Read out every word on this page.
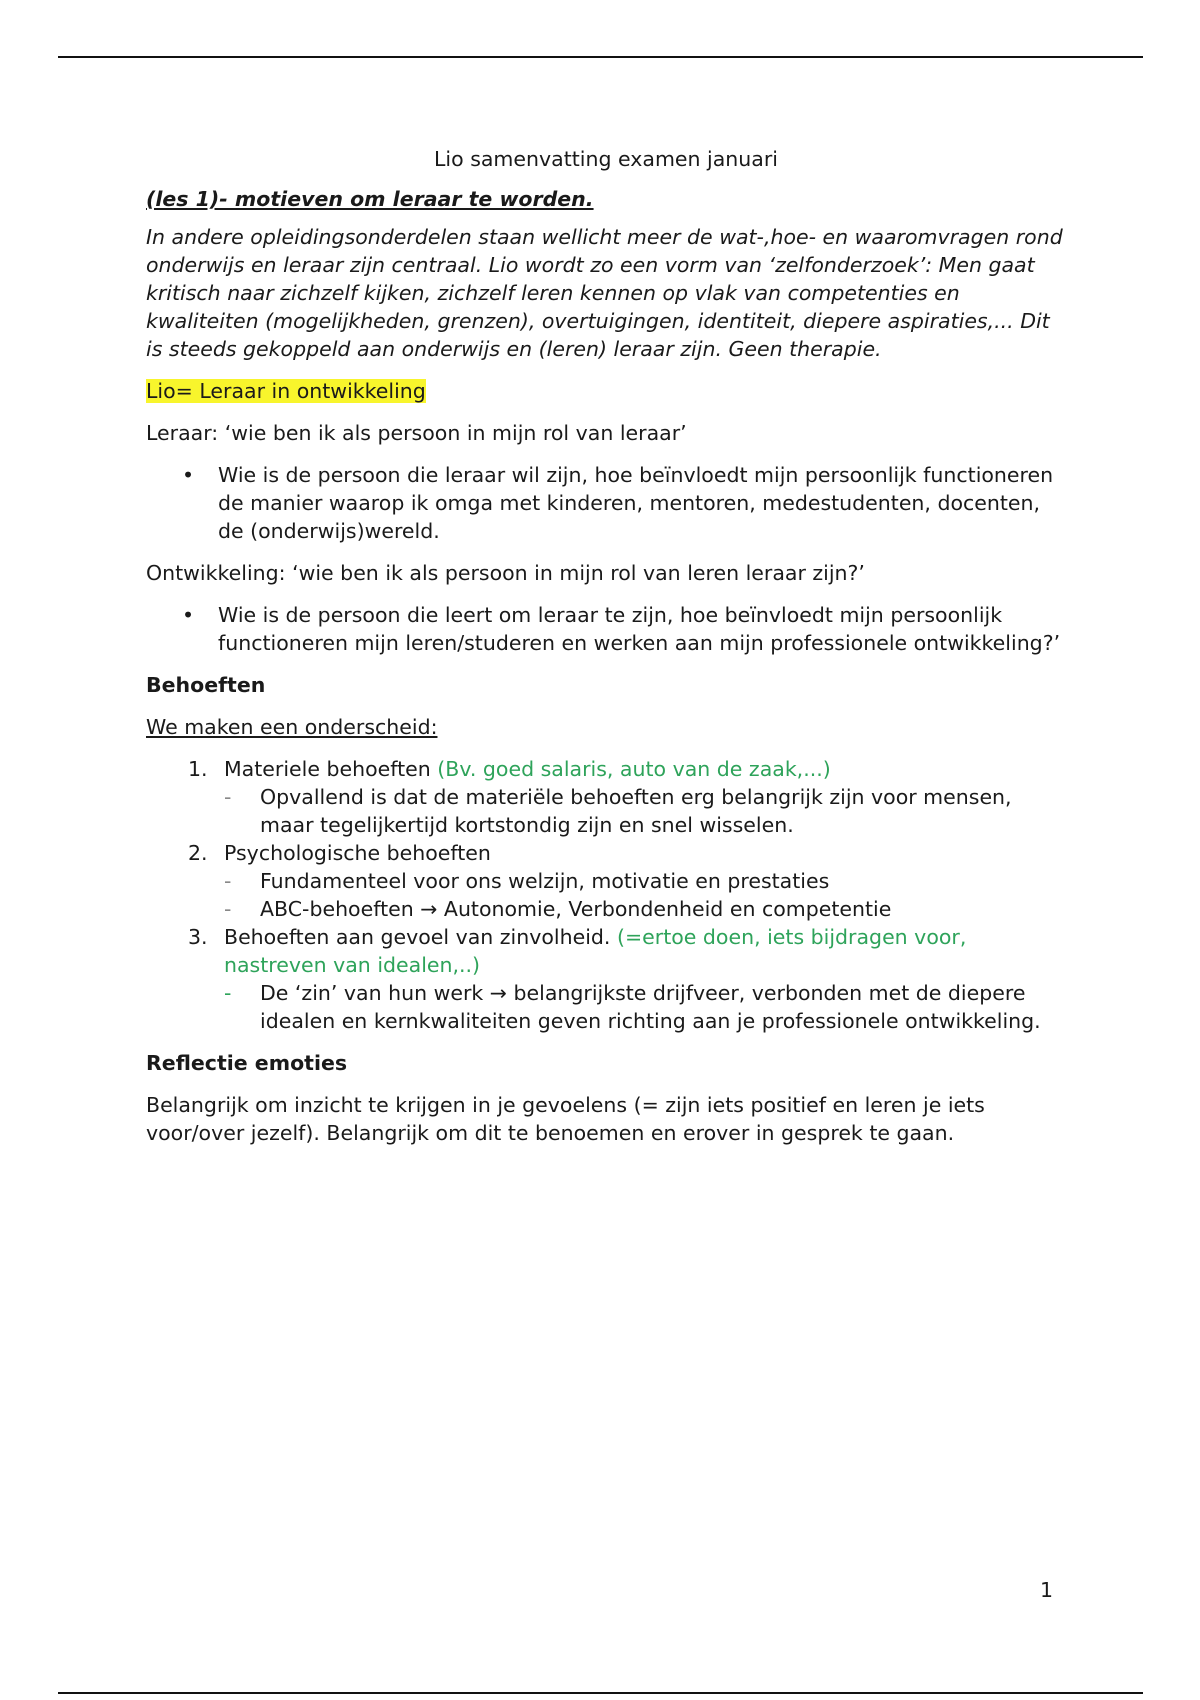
Lio samenvatting examen januari
(les 1)- motieven om leraar te worden.

In andere opleidingsonderdelen staan wellicht meer de wat-,hoe- en waaromvragen rond onderwijs en leraar zijn centraal. Lio wordt zo een vorm van ‘zelfonderzoek’: Men gaat kritisch naar zichzelf kijken, zichzelf leren kennen op vlak van competenties en kwaliteiten (mogelijkheden, grenzen), overtuigingen, identiteit, diepere aspiraties,... Dit is steeds gekoppeld aan onderwijs en (leren) leraar zijn. Geen therapie.

Lio= Leraar in ontwikkeling

Leraar: ‘wie ben ik als persoon in mijn rol van leraar’

• Wie is de persoon die leraar wil zijn, hoe beïnvloedt mijn persoonlijk functioneren de manier waarop ik omga met kinderen, mentoren, medestudenten, docenten, de (onderwijs)wereld.

Ontwikkeling: ‘wie ben ik als persoon in mijn rol van leren leraar zijn?’

• Wie is de persoon die leert om leraar te zijn, hoe beïnvloedt mijn persoonlijk functioneren mijn leren/studeren en werken aan mijn professionele ontwikkeling?’
Behoeften

We maken een onderscheid:

1. Materiele behoeften (Bv. goed salaris, auto van de zaak,...)
- Opvallend is dat de materiële behoeften erg belangrijk zijn voor mensen, maar tegelijkertijd kortstondig zijn en snel wisselen.
2. Psychologische behoeften
- Fundamenteel voor ons welzijn, motivatie en prestaties
- ABC-behoeften → Autonomie, Verbondenheid en competentie
3. Behoeften aan gevoel van zinvolheid. (=ertoe doen, iets bijdragen voor, nastreven van idealen,..)
- De ‘zin’ van hun werk → belangrijkste drijfveer, verbonden met de diepere idealen en kernkwaliteiten geven richting aan je professionele ontwikkeling.
Reflectie emoties

Belangrijk om inzicht te krijgen in je gevoelens (= zijn iets positief en leren je iets voor/over jezelf). Belangrijk om dit te benoemen en erover in gesprek te gaan.

1
